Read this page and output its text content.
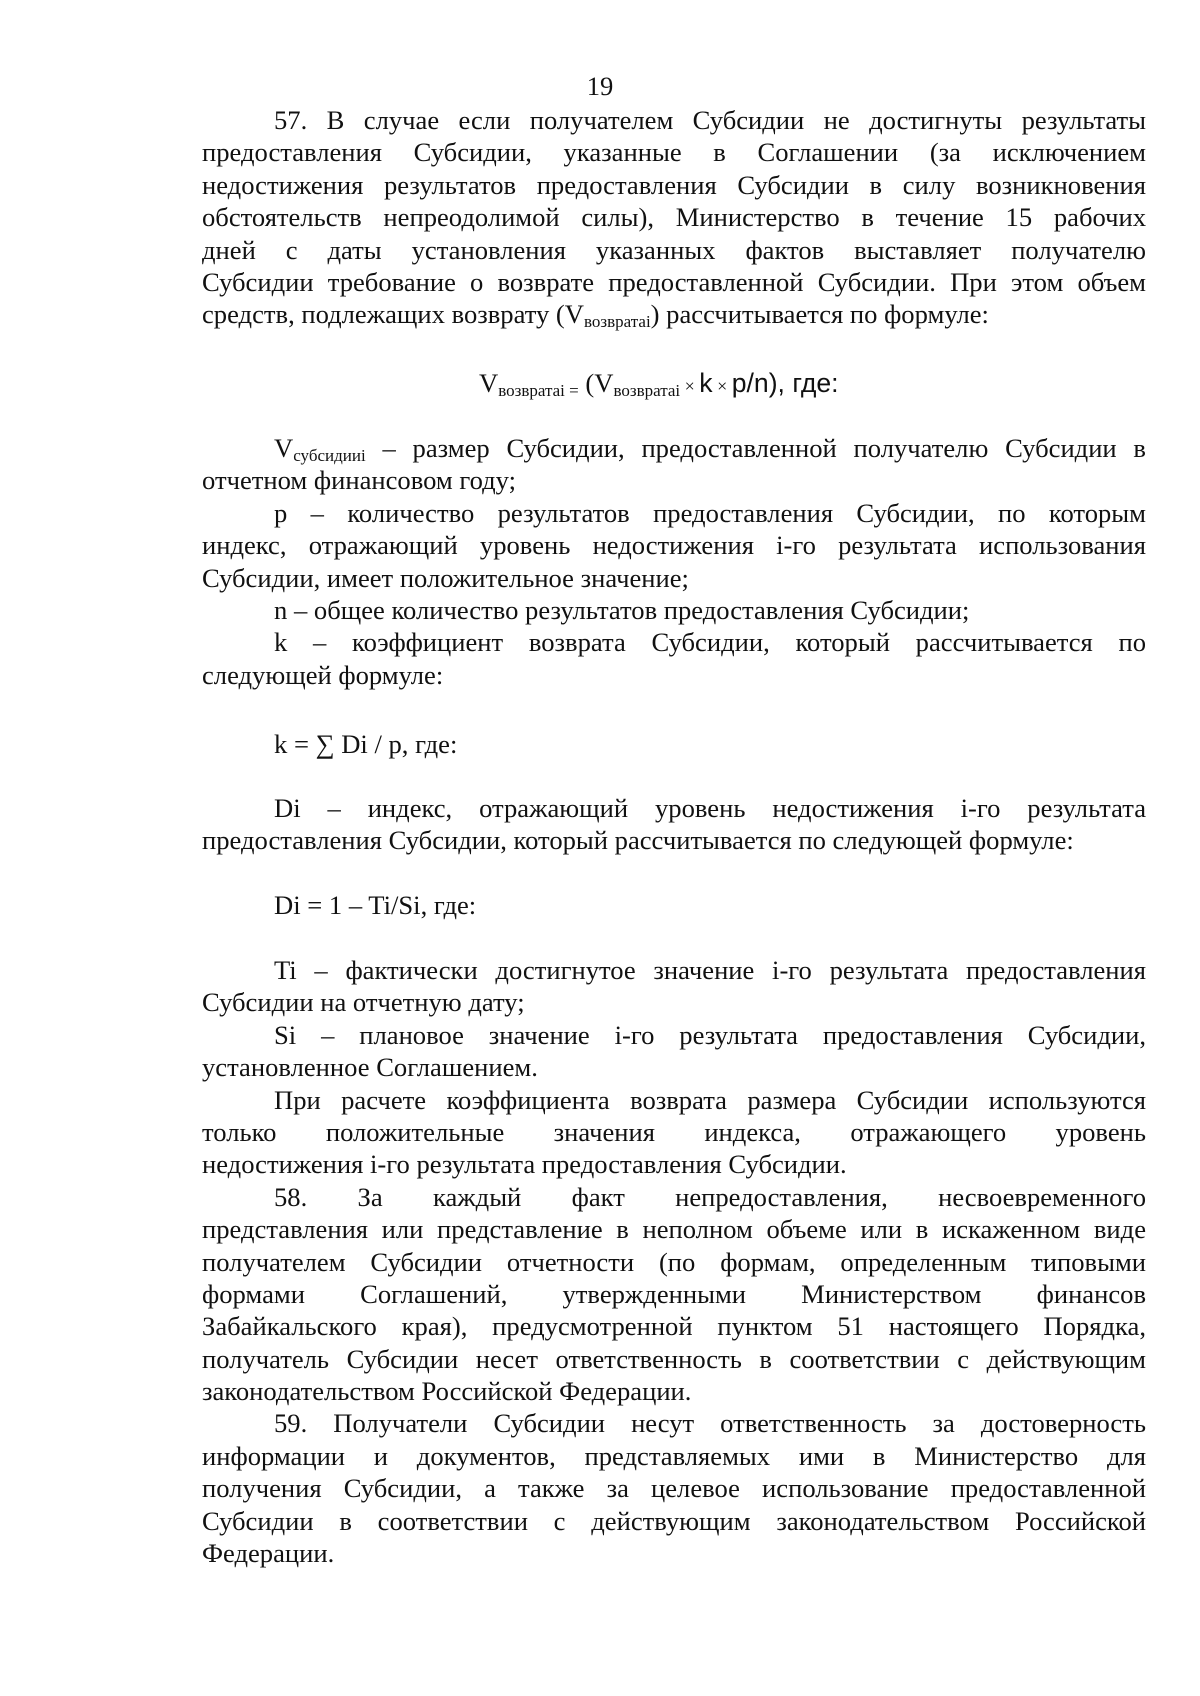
19
57. В случае если получателем Субсидии не достигнуты результаты
предоставления Субсидии, указанные в Соглашении (за исключением
недостижения результатов предоставления Субсидии в силу возникновения
обстоятельств непреодолимой силы), Министерство в течение 15 рабочих
дней с даты установления указанных фактов выставляет получателю
Субсидии требование о возврате предоставленной Субсидии. При этом объем
средств, подлежащих возврату $(V_{возвратаi})$ рассчитывается по формуле:
$V_{возвратаi =}$ $(V_{возвратаi} \times k \times p/n)$, где:
$V_{субсидииi}$ – размер Субсидии, предоставленной получателю Субсидии в
отчетном финансовом году;
p – количество результатов предоставления Субсидии, по которым
индекс, отражающий уровень недостижения i-го результата использования
Субсидии, имеет положительное значение;
n – общее количество результатов предоставления Субсидии;
k – коэффициент возврата Субсидии, который рассчитывается по
следующей формуле:
k = ∑ Di / p, где:
Di – индекс, отражающий уровень недостижения i-го результата
предоставления Субсидии, который рассчитывается по следующей формуле:
Di = 1 – Ti/Si, где:
Ti – фактически достигнутое значение i-го результата предоставления
Субсидии на отчетную дату;
Si – плановое значение i-го результата предоставления Субсидии,
установленное Соглашением.
При расчете коэффициента возврата размера Субсидии используются
только положительные значения индекса, отражающего уровень
недостижения i-го результата предоставления Субсидии.
58. За каждый факт непредоставления, несвоевременного
представления или представление в неполном объеме или в искаженном виде
получателем Субсидии отчетности (по формам, определенным типовыми
формами Соглашений, утвержденными Министерством финансов
Забайкальского края), предусмотренной пунктом 51 настоящего Порядка,
получатель Субсидии несет ответственность в соответствии с действующим
законодательством Российской Федерации.
59. Получатели Субсидии несут ответственность за достоверность
информации и документов, представляемых ими в Министерство для
получения Субсидии, а также за целевое использование предоставленной
Субсидии в соответствии с действующим законодательством Российской
Федерации.
